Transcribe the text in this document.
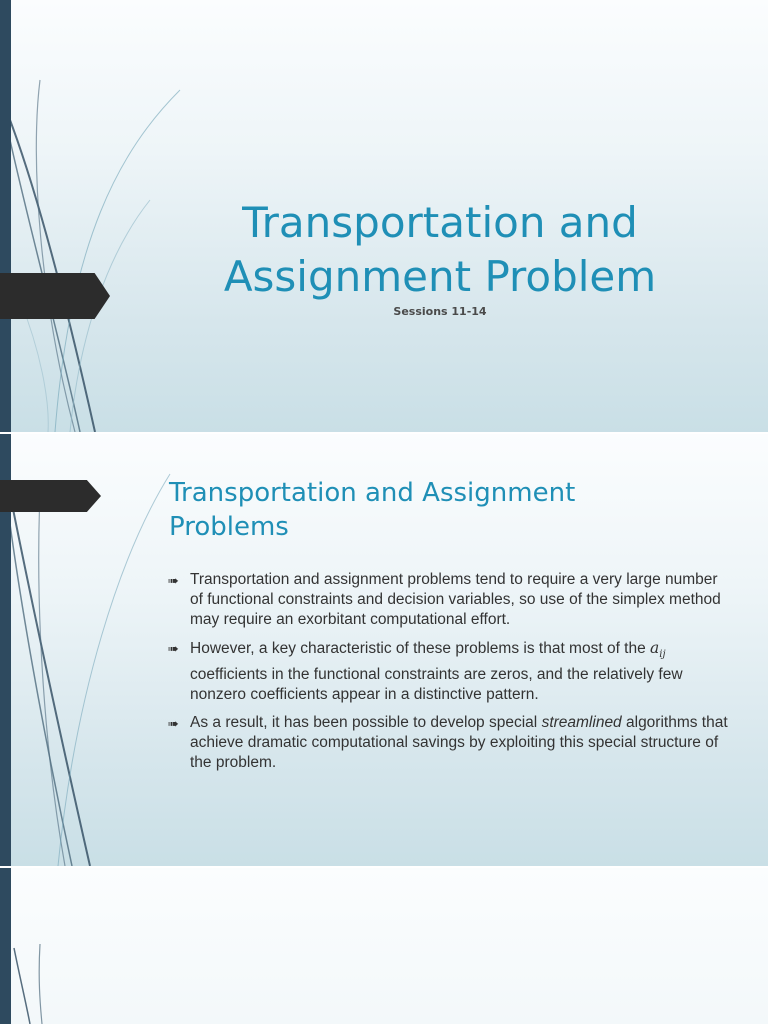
Transportation and
Assignment Problem
Sessions 11-14
Transportation and Assignment
Problems
➠ Transportation and assignment problems tend to require a very large number of functional constraints and decision variables, so use of the simplex method may require an exorbitant computational effort.
➠ However, a key characteristic of these problems is that most of the $a_{ij}$ coefficients in the functional constraints are zeros, and the relatively few nonzero coefficients appear in a distinctive pattern.
➠ As a result, it has been possible to develop special streamlined algorithms that achieve dramatic computational savings by exploiting this special structure of the problem.
